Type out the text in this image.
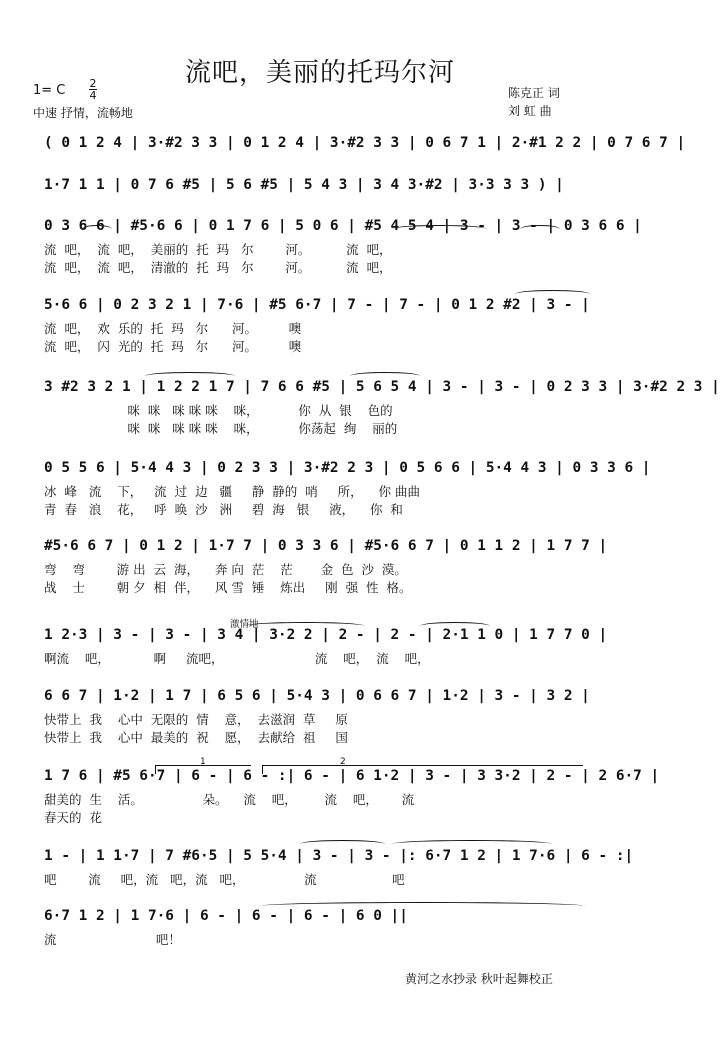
流吧，美丽的托玛尔河
1= C 2
4
中速 抒情，流畅地
陈克正 词
刘 虹 曲
激情地
1	2
黄河之水抄录 秋叶起舞校正
( 0 1 2 4 | 3·#2 3 3 | 0 1 2 4 | 3·#2 3 3 | 0 6 7 1 | 2·#1 2 2 | 0 7 6 7 |
1·7 1 1 | 0 7 6 #5 | 5 6 #5 | 5 4 3 | 3 4 3·#2 | 3·3 3 3 ) |
0 3 6 6 | #5·6 6 | 0 1 7 6 | 5 0 6 | #5 4 5 4 | 3 - | 3 - | 0 3 6 6 |
流  吧，  流  吧，  美丽的  托  玛   尔        河。         流  吧，
流  吧，  流  吧，  清澈的  托  玛   尔        河。         流  吧，
5·6 6 | 0 2 3 2 1 | 7·6 | #5 6·7 | 7 - | 7 - | 0 1 2 #2 | 3 - |
流  吧，  欢  乐的  托  玛   尔      河。        噢
流  吧，  闪  光的  托  玛   尔      河。        噢
3 #2 3 2 1 | 1 2 2 1 7 | 7 6 6 #5 | 5 6 5 4 | 3 - | 3 - | 0 2 3 3 | 3·#2 2 3 |
咪  咪   咪 咪 咪    咪，          你  从  银    色的
咪  咪   咪 咪 咪    咪，          你荡起  绚    丽的
0 5 5 6 | 5·4 4 3 | 0 2 3 3 | 3·#2 2 3 | 0 5 6 6 | 5·4 4 3 | 0 3 3 6 |
冰  峰   流    下，   流  过  边   疆     静  静的  哨     所，    你 曲曲
青  春   浪    花，   呼  唤  沙   洲     碧  海   银     液，    你  和
#5·6 6 7 | 0 1 2 | 1·7 7 | 0 3 3 6 | #5·6 6 7 | 0 1 1 2 | 1 7 7 |
弯    弯        游 出  云  海，    奔 向  茫    茫       金  色  沙  漠。
战    士        朝 夕  相  伴，    风 雪  锤    炼出     刚  强  性  格。
1 2·3 | 3 - | 3 - | 3 4 | 3·2 2 | 2 - | 2 - | 2·1 1 0 | 1 7 7 0 |
啊流    吧，           啊     流吧，                       流    吧，  流    吧，
6 6 7 | 1·2 | 1 7 | 6 5 6 | 5·4 3 | 0 6 6 7 | 1·2 | 3 - | 3 2 |
快带上  我    心中  无限的  情    意，  去滋润  草     原
快带上  我    心中  最美的  祝    愿，  去献给  祖     国
1 7 6 | #5 6·7 | 6 - | 6 - :| 6 - | 6 1·2 | 3 - | 3 3·2 | 2 - | 2 6·7 |
甜美的  生    活。               朵。    流    吧，       流    吧，      流
春天的  花
1 - | 1 1·7 | 7 #6·5 | 5 5·4 | 3 - | 3 - |: 6·7 1 2 | 1 7·6 | 6 - :|
吧        流     吧，流   吧，流   吧，               流                   吧
6·7 1 2 | 1 7·6 | 6 - | 6 - | 6 - | 6 0 ||
流                         吧！
